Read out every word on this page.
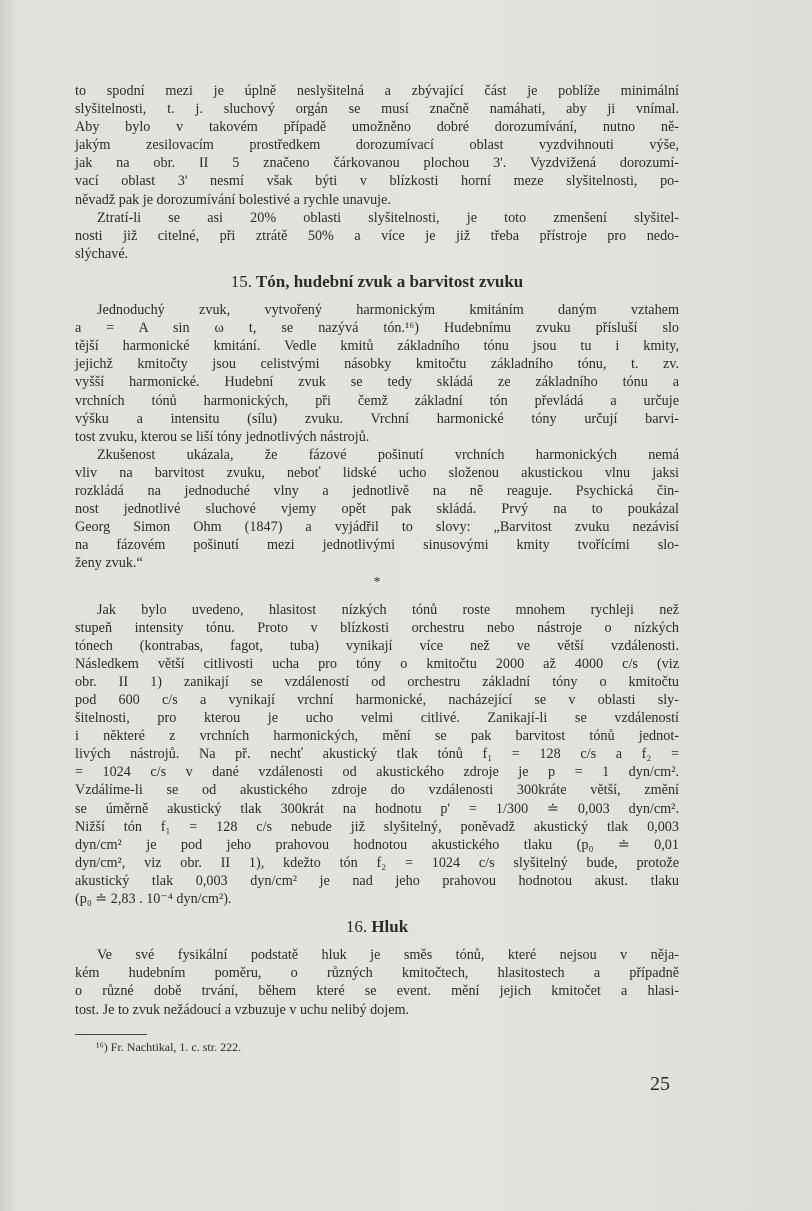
to spodní mezi je úplně neslyšitelná a zbývající část je poblíže minimální
slyšitelnosti, t. j. sluchový orgán se musí značně namáhati, aby ji vnímal.
Aby bylo v takovém případě umožněno dobré dorozumívání, nutno ně-
jakým zesilovacím prostředkem dorozumívací oblast vyzdvihnouti výše,
jak na obr. II 5 značeno čárkovanou plochou 3'. Vyzdvižená dorozumí-
vací oblast 3' nesmí však býti v blízkosti horní meze slyšitelnosti, po-
něvadž pak je dorozumívání bolestivé a rychle unavuje.

Ztratí-li se asi 20% oblasti slyšitelnosti, je toto zmenšení slyšitel-
nosti již citelné, při ztrátě 50% a více je již třeba přístroje pro nedo-
slýchavé.

15. Tón, hudební zvuk a barvitost zvuku

Jednoduchý zvuk, vytvořený harmonickým kmitáním daným vztahem
a = A sin ω t, se nazývá tón.¹⁶) Hudebnímu zvuku přísluší slo
tější harmonické kmitání. Vedle kmitů základního tónu jsou tu i kmity,
jejichž kmitočty jsou celistvými násobky kmitočtu základního tónu, t. zv.
vyšší harmonické. Hudební zvuk se tedy skládá ze základního tónu a
vrchních tónů harmonických, při čemž základní tón převládá a určuje
výšku a intensitu (sílu) zvuku. Vrchní harmonické tóny určují barvi-
tost zvuku, kterou se liší tóny jednotlivých nástrojů.

Zkušenost ukázala, že fázové pošinutí vrchních harmonických nemá
vliv na barvitost zvuku, neboť lidské ucho složenou akustickou vlnu jaksi
rozkládá na jednoduché vlny a jednotlivě na ně reaguje. Psychická čin-
nost jednotlivé sluchové vjemy opět pak skládá. Prvý na to poukázal
Georg Simon Ohm (1847) a vyjádřil to slovy: „Barvitost zvuku nezávisí
na fázovém pošinutí mezi jednotlivými sinusovými kmity tvořícími slo-
ženy zvuk.“

*

Jak bylo uvedeno, hlasitost nízkých tónů roste mnohem rychleji než
stupeň intensity tónu. Proto v blízkosti orchestru nebo nástroje o nízkých
tónech (kontrabas, fagot, tuba) vynikají více než ve větší vzdálenosti.
Následkem větší citlivosti ucha pro tóny o kmitočtu 2000 až 4000 c/s (viz
obr. II 1) zanikají se vzdáleností od orchestru základní tóny o kmitočtu
pod 600 c/s a vynikají vrchní harmonické, nacházející se v oblasti sly-
šitelnosti, pro kterou je ucho velmi citlivé. Zanikají-li se vzdáleností
i některé z vrchních harmonických, mění se pak barvitost tónů jednot-
livých nástrojů. Na př. nechť akustický tlak tónů f₁ = 128 c/s a f₂ =
= 1024 c/s v dané vzdálenosti od akustického zdroje je p = 1 dyn/cm².
Vzdálíme-li se od akustického zdroje do vzdálenosti 300kráte větší, změní
se úměrně akustický tlak 300krát na hodnotu p' = 1/300 ≐ 0,003 dyn/cm².
Nižší tón f₁ = 128 c/s nebude již slyšitelný, poněvadž akustický tlak 0,003
dyn/cm² je pod jeho prahovou hodnotou akustického tlaku (p₀ ≐ 0,01
dyn/cm², viz obr. II 1), kdežto tón f₂ = 1024 c/s slyšitelný bude, protože
akustický tlak 0,003 dyn/cm² je nad jeho prahovou hodnotou akust. tlaku
(p₀ ≐ 2,83 . 10⁻⁴ dyn/cm²).

16. Hluk

Ve své fysikální podstatě hluk je směs tónů, které nejsou v něja-
kém hudebním poměru, o různých kmitočtech, hlasitostech a případně
o různé době trvání, během které se event. mění jejich kmitočet a hlasi-
tost. Je to zvuk nežádoucí a vzbuzuje v uchu nelibý dojem.

¹⁶) Fr. Nachtikal, 1. c. str. 222.
25
